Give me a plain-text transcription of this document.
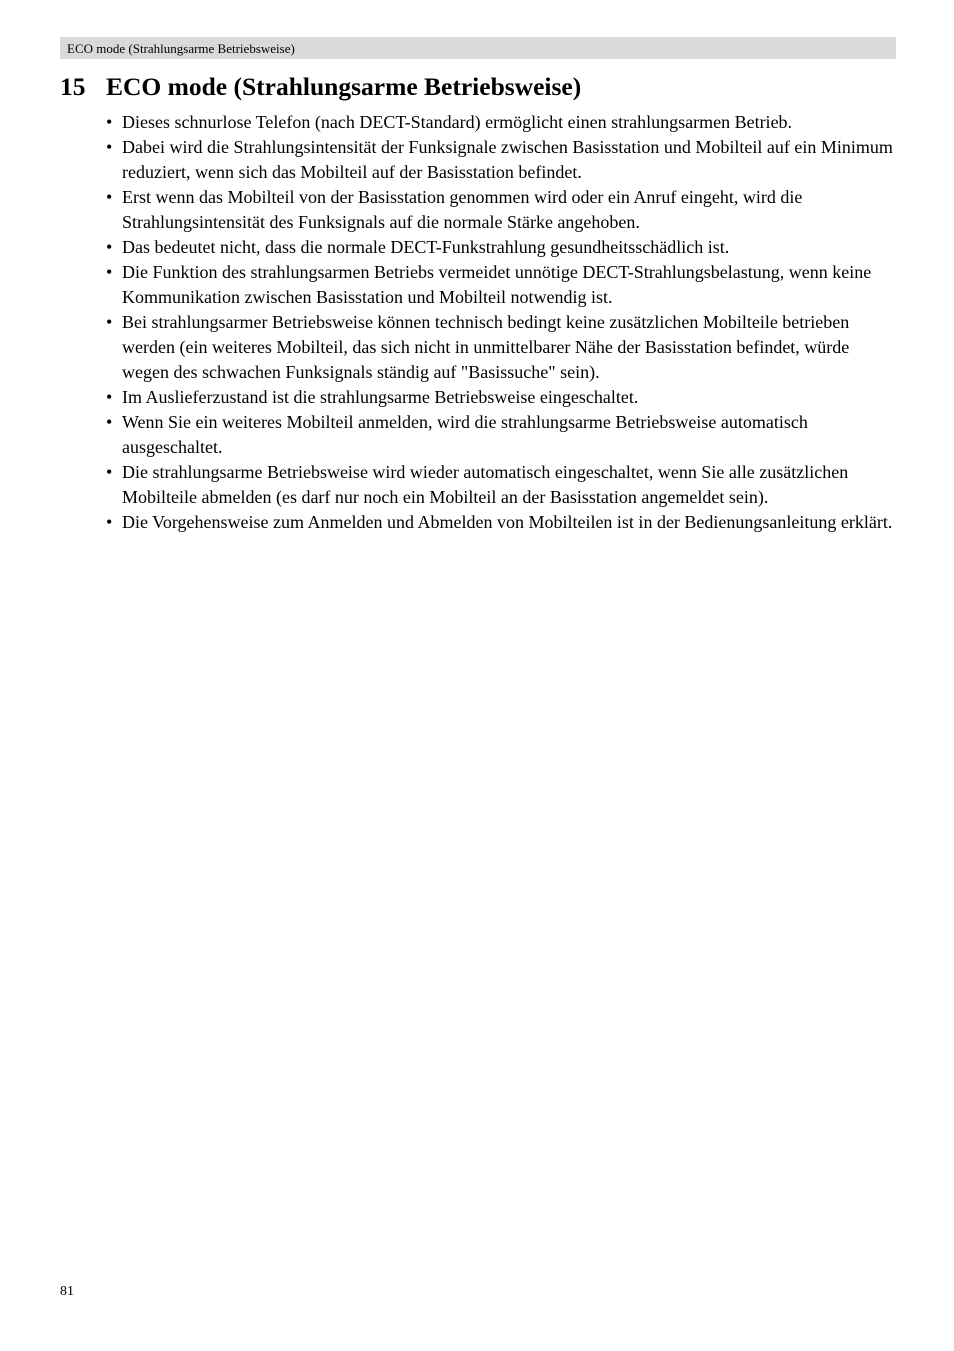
ECO mode (Strahlungsarme Betriebsweise)
15 ECO mode (Strahlungsarme Betriebsweise)
• Dieses schnurlose Telefon (nach DECT-Standard) ermöglicht einen strahlungsarmen Betrieb.
• Dabei wird die Strahlungsintensität der Funksignale zwischen Basisstation und Mobilteil auf ein Minimum reduziert, wenn sich das Mobilteil auf der Basisstation befindet.
• Erst wenn das Mobilteil von der Basisstation genommen wird oder ein Anruf eingeht, wird die Strahlungsintensität des Funksignals auf die normale Stärke angehoben.
• Das bedeutet nicht, dass die normale DECT-Funkstrahlung gesundheitsschädlich ist.
• Die Funktion des strahlungsarmen Betriebs vermeidet unnötige DECT-Strahlungsbelastung, wenn keine Kommunikation zwischen Basisstation und Mobilteil notwendig ist.
• Bei strahlungsarmer Betriebsweise können technisch bedingt keine zusätzlichen Mobilteile betrieben werden (ein weiteres Mobilteil, das sich nicht in unmittelbarer Nähe der Basisstation befindet, würde wegen des schwachen Funksignals ständig auf "Basissuche" sein).
• Im Auslieferzustand ist die strahlungsarme Betriebsweise eingeschaltet.
• Wenn Sie ein weiteres Mobilteil anmelden, wird die strahlungsarme Betriebsweise automatisch ausgeschaltet.
• Die strahlungsarme Betriebsweise wird wieder automatisch eingeschaltet, wenn Sie alle zusätzlichen Mobilteile abmelden (es darf nur noch ein Mobilteil an der Basisstation angemeldet sein).
• Die Vorgehensweise zum Anmelden und Abmelden von Mobilteilen ist in der Bedienungsanleitung erklärt.
81
